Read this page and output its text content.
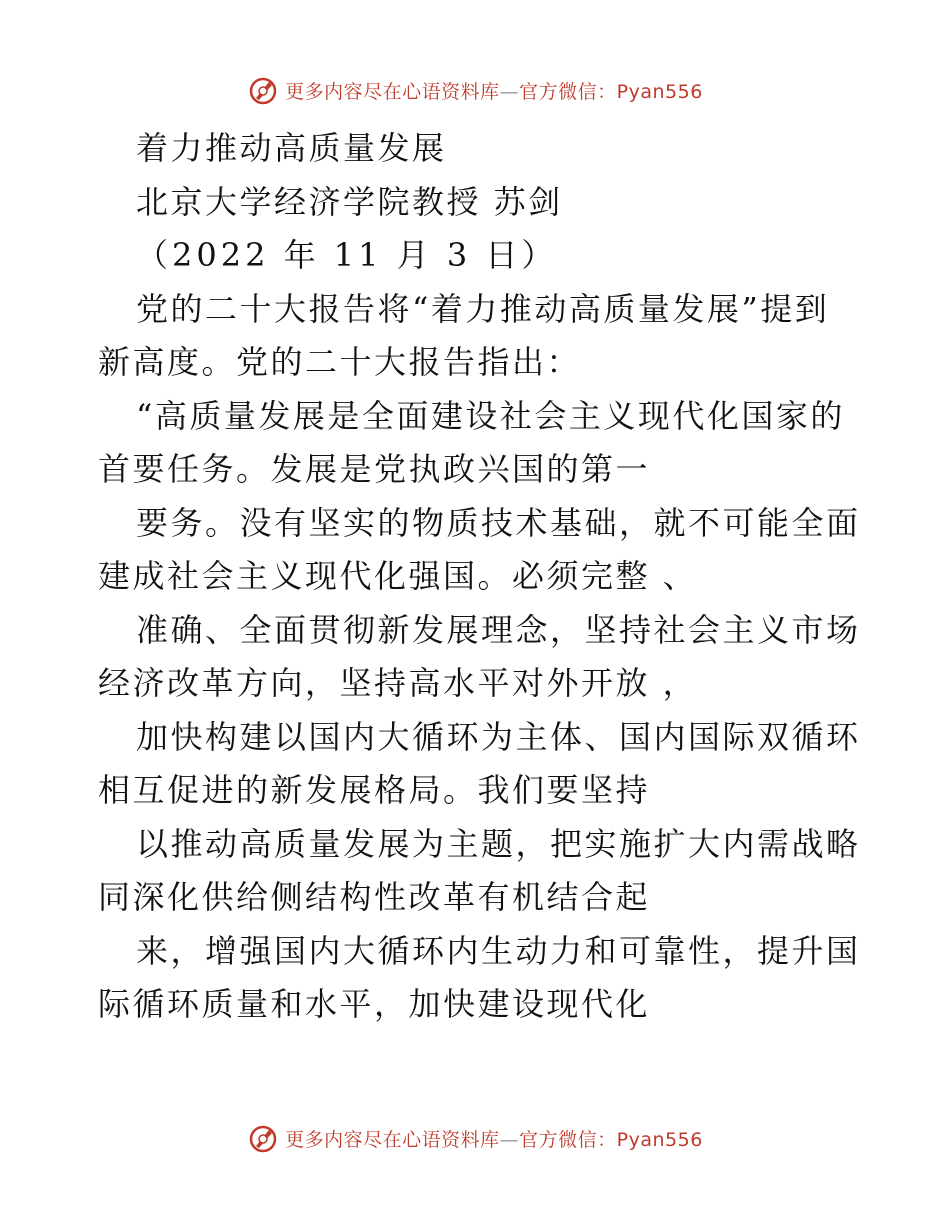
更多内容尽在心语资料库—官方微信：Pyan556
着力推动高质量发展
北京大学经济学院教授 苏剑
（2022 年 11 月 3 日）
党的二十大报告将“着力推动高质量发展”提到
新高度。党的二十大报告指出：
“高质量发展是全面建设社会主义现代化国家的
首要任务。发展是党执政兴国的第一
要务。没有坚实的物质技术基础，就不可能全面
建成社会主义现代化强国。必须完整 、
准确、全面贯彻新发展理念，坚持社会主义市场
经济改革方向，坚持高水平对外开放 ，
加快构建以国内大循环为主体、国内国际双循环
相互促进的新发展格局。我们要坚持
以推动高质量发展为主题，把实施扩大内需战略
同深化供给侧结构性改革有机结合起
来，增强国内大循环内生动力和可靠性，提升国
际循环质量和水平，加快建设现代化
更多内容尽在心语资料库—官方微信：Pyan556
